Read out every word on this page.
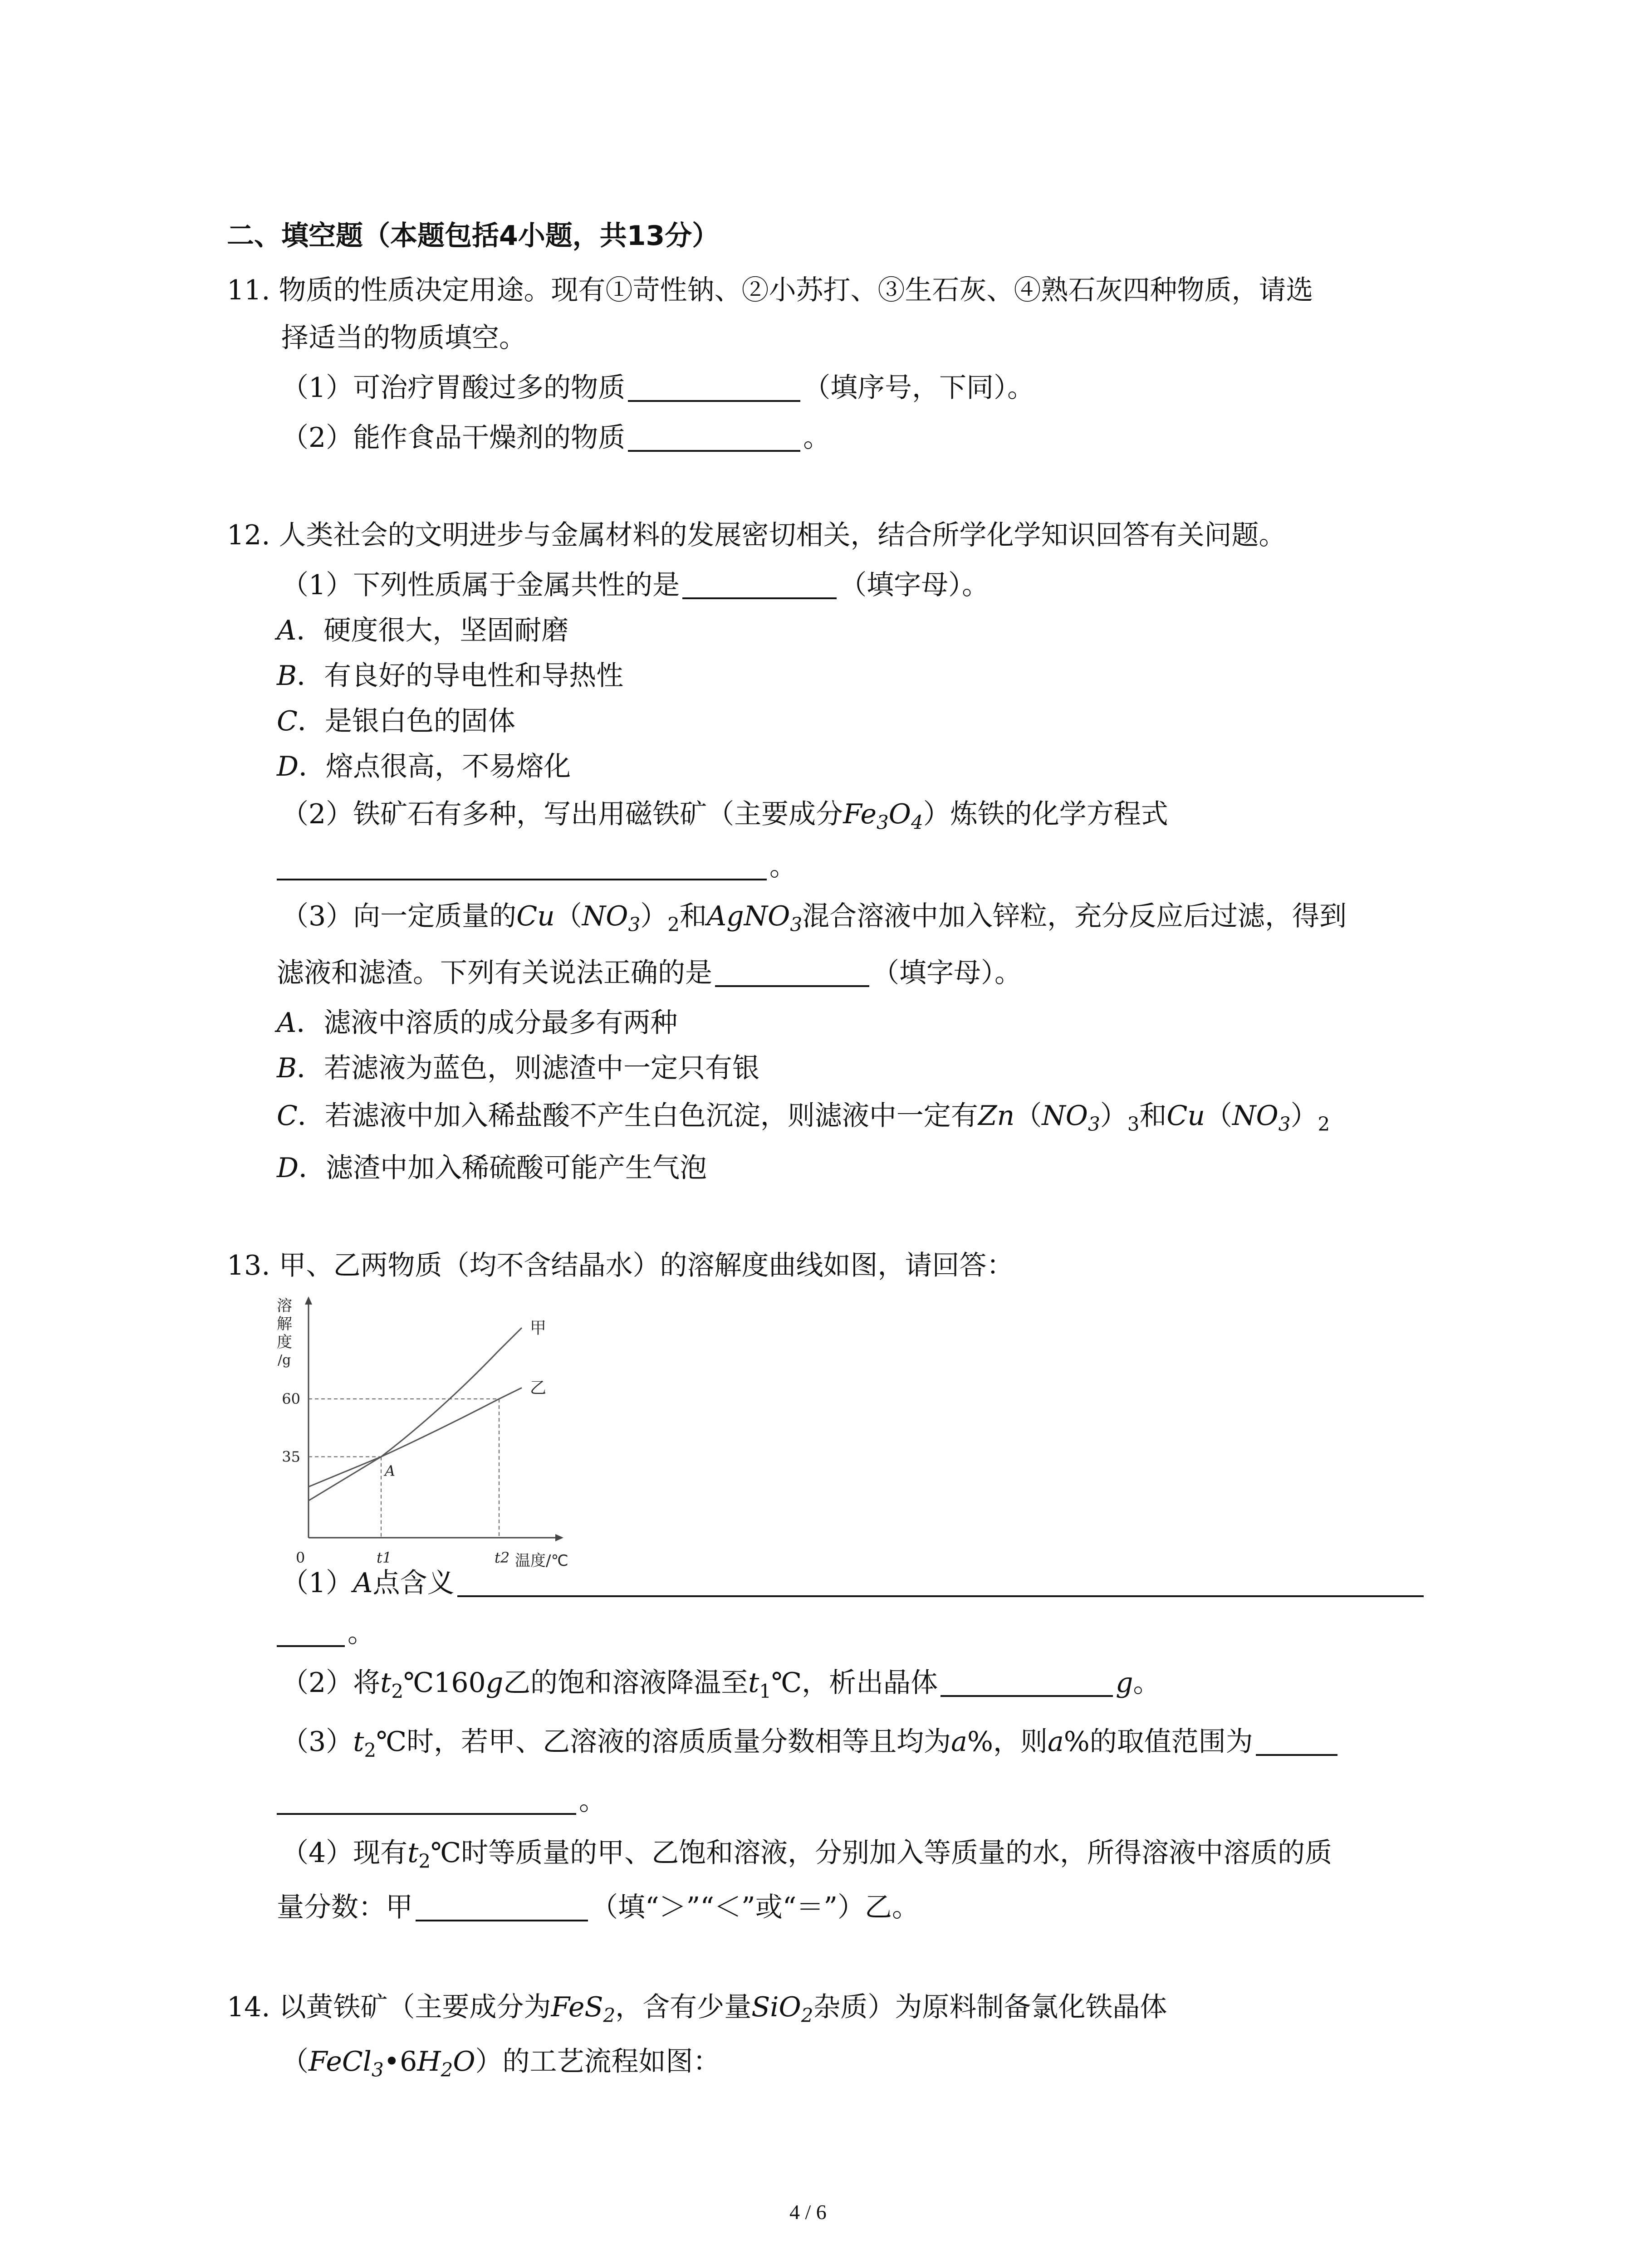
二、填空题（本题包括4小题，共13分）
11. 物质的性质决定用途。现有①苛性钠、②小苏打、③生石灰、④熟石灰四种物质，请选
择适当的物质填空。
（1）可治疗胃酸过多的物质	（填序号，下同）。
（2）能作食品干燥剂的物质	。
12. 人类社会的文明进步与金属材料的发展密切相关，结合所学化学知识回答有关问题。
（1）下列性质属于金属共性的是	（填字母）。
A．硬度很大，坚固耐磨
B．有良好的导电性和导热性
C．是银白色的固体
D．熔点很高，不易熔化
（2）铁矿石有多种，写出用磁铁矿（主要成分$Fe_3O_4$）炼铁的化学方程式
。
（3）向一定质量的$Cu(NO_3)_2$和AgNO$_3$混合溶液中加入锌粒，充分反应后过滤，得到
滤液和滤渣。下列有关说法正确的是	（填字母）。
A．滤液中溶质的成分最多有两种
B．若滤液为蓝色，则滤渣中一定只有银
C．若滤液中加入稀盐酸不产生白色沉淀，则滤液中一定有$Zn(NO_3)_3$和$Cu(NO_3)_2$
D．滤渣中加入稀硫酸可能产生气泡
13. 甲、乙两物质（均不含结晶水）的溶解度曲线如图，请回答：
溶
解
度
/g
35
60
0	t1	t2 温度/℃
甲
乙
A
（1）A点含义
。
（2）将$t_2℃160g$乙的饱和溶液降温至$t_1℃$，析出晶体	g。
$(3)t_2℃$时，若甲、乙溶液的溶质质量分数相等且均为a%，则a%的取值范围为
。
（4）现有$t_2℃$时等质量的甲、乙饱和溶液，分别加入等质量的水，所得溶液中溶质的质
量分数：甲	（填“＞”“＜”或“＝”）乙。
14. 以黄铁矿（主要成分为FeS$_2$，含有少量SiO$_2$杂质）为原料制备氯化铁晶体
$(FeCl_3•6H_2O)$的工艺流程如图：
4 / 6
